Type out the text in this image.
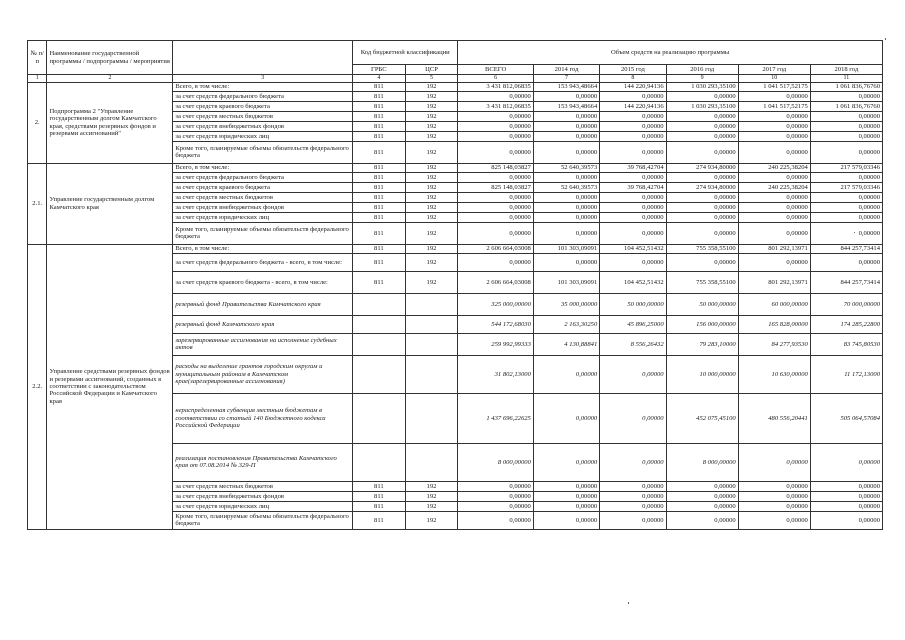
№ п/п	Наименование государственной программы / подпрограммы / мероприятия		Код бюджетной классификации		Объем средств на реализацию программы					
			ГРБС	ЦСР	ВСЕГО	2014 год	2015 год	2016 год	2017 год	2018 год
1	2	3	4	5	6	7	8	9	10	11
2.	Подпрограмма 2 "Управление государственным долгом Камчатского края, средствами резервных фондов и резервами ассигнований"	Всего, в том числе:	811	192	3 431 812,06835	153 943,48664	144 220,94136	1 030 293,35100	1 041 517,52175	1 061 836,76760
		за счет средств федерального бюджета	811	192	0,00000	0,00000	0,00000	0,00000	0,00000	0,00000
		за счет средств краевого бюджета	811	192	3 431 812,06835	153 943,48664	144 220,94136	1 030 293,35100	1 041 517,52175	1 061 836,76760
		за счет средств местных бюджетов	811	192	0,00000	0,00000	0,00000	0,00000	0,00000	0,00000
		за счет средств внебюджетных фондов	811	192	0,00000	0,00000	0,00000	0,00000	0,00000	0,00000
		за счет средств юридических лиц	811	192	0,00000	0,00000	0,00000	0,00000	0,00000	0,00000
		Кроме того, планируемые объемы обязательств федерального бюджета	811	192	0,00000	0,00000	0,00000	0,00000	0,00000	0,00000
2.1.	Управление государственным долгом Камчатского края	Всего, в том числе:	811	192	825 148,03827	52 640,39573	39 768,42704	274 934,80000	240 225,38204	217 579,03346
		за счет средств федерального бюджета	811	192	0,00000	0,00000	0,00000	0,00000	0,00000	0,00000
		за счет средств краевого бюджета	811	192	825 148,03827	52 640,39573	39 768,42704	274 934,80000	240 225,38204	217 579,03346
		за счет средств местных бюджетов	811	192	0,00000	0,00000	0,00000	0,00000	0,00000	0,00000
		за счет средств внебюджетных фондов	811	192	0,00000	0,00000	0,00000	0,00000	0,00000	0,00000
		за счет средств юридических лиц	811	192	0,00000	0,00000	0,00000	0,00000	0,00000	0,00000
		Кроме того, планируемые объемы обязательств федерального бюджета	811	192	0,00000	0,00000	0,00000	0,00000	0,00000	0,00000
2.2.	Управление средствами резервных фондов и резервами ассигнований, созданных в соответствии с законодательством Российской Федерации и Камчатского края	Всего, в том числе:	811	192	2 606 664,03008	101 303,09091	104 452,51432	755 358,55100	801 292,13971	844 257,73414
		за счет средств федерального бюджета - всего, в том числе:	811	192	0,00000	0,00000	0,00000	0,00000	0,00000	0,00000
		за счет средств краевого бюджета - всего, в том числе:	811	192	2 606 664,03008	101 303,09091	104 452,51432	755 358,55100	801 292,13971	844 257,73414
		резервный фонд Правительства Камчатского края			325 000,00000	35 000,00000	50 000,00000	50 000,00000	60 000,00000	70 000,00000
		резервный фонд Камчатского края			544 172,68030	2 163,30250	45 896,25000	156 000,00000	165 828,00000	174 285,22800
		зарезервированные ассигнования на исполнение судебных актов			259 992,99333	4 130,88841	8 556,26432	79 283,10000	84 277,93530	83 745,80530
		расходы на выделение грантов городским округам и муниципальным районам в Камчатском крае(зарезервированные ассигнования)			31 802,13000	0,00000	0,00000	10 000,00000	10 630,00000	11 172,13000
		нераспределенная субвенция местным бюджетам в соответствии со статьей 140 Бюджетного кодекса Российской Федерации			1 437 696,22625	0,00000	0,00000	452 075,45100	480 556,20441	505 064,57084
		реализация постановления Правительства Камчатского края от 07.08.2014 № 329-П			8 000,00000	0,00000	0,00000	8 000,00000	0,00000	0,00000
		за счет средств местных бюджетов	811	192	0,00000	0,00000	0,00000	0,00000	0,00000	0,00000
		за счет средств внебюджетных фондов	811	192	0,00000	0,00000	0,00000	0,00000	0,00000	0,00000
		за счет средств юридических лиц	811	192	0,00000	0,00000	0,00000	0,00000	0,00000	0,00000
		Кроме того, планируемые объемы обязательств федерального бюджета	811	192	0,00000	0,00000	0,00000	0,00000	0,00000	0,00000
